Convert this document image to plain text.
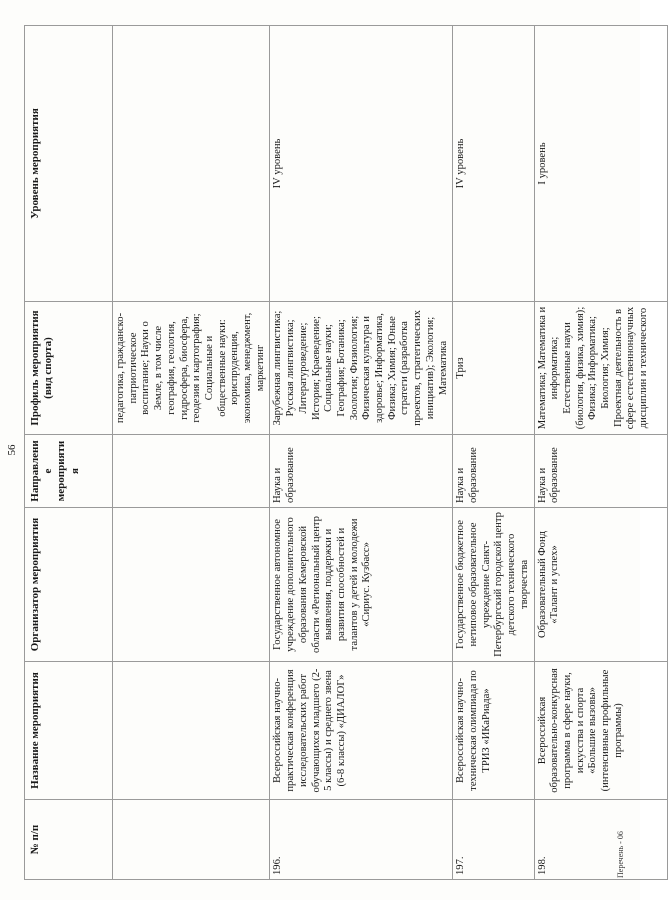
56
№ п/п	Название мероприятия	Организатор мероприятия	Направление мероприятия	Профиль мероприятия (вид спорта)	Уровень мероприятия
				педагогика, гражданско-патриотическое воспитание; Науки о Земле, в том числе география, геология, гидросфера, биосфера, геодезия и картография; Социальные и общественные науки: юриспруденция, экономика, менеджмент, маркетинг	
196.	Всероссийская научно-практическая конференция исследовательских работ обучающихся младшего (2-5 классы) и среднего звена (6-8 классы) «ДИАЛОГ»	Государственное автономное учреждение дополнительного образования Кемеровской области «Региональный центр выявления, поддержки и развития способностей и талантов у детей и молодежи «Сириус. Кузбасс»	Наука и образование	Зарубежная лингвистика; Русская лингвистика; Литературоведение; История; Краеведение; Социальные науки; География; Ботаника; Зоология; Физиология; Физическая культура и здоровье; Информатика, Физика; Химия; Юные стратеги (разработка проектов, стратегических инициатив); Экология; Математика	IV уровень
197.	Всероссийская научно-техническая олимпиада по ТРИЗ «ИКаРиада»	Государственное бюджетное нетиповое образовательное учреждение Санкт-Петербургский городской центр детского технического творчества	Наука и образование	Триз	IV уровень
198.	Всероссийская образовательно-конкурсная программа в сфере науки, искусства и спорта «Большие вызовы» (интенсивные профильные программы)	Образовательный Фонд «Талант и успех»	Наука и образование	Математика; Математика и информатика; Естественные науки (биология, физика, химия); Физика; Информатика; Биология; Химия; Проектная деятельность в сфере естественнонаучных дисциплин и технического	I уровень
Перечень - 06
